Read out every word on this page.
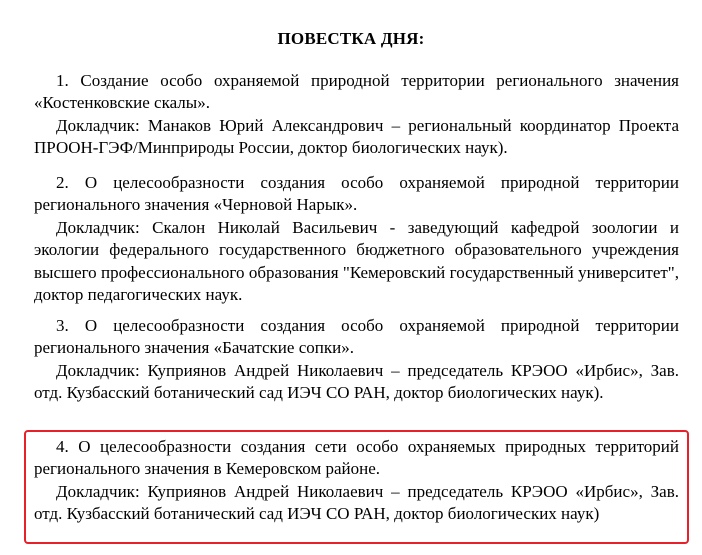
ПОВЕСТКА ДНЯ:

1. Создание особо охраняемой природной территории регионального значения «Костенковские скалы».

Докладчик: Манаков Юрий Александрович – региональный координатор Проекта ПРООН-ГЭФ/Минприроды России, доктор биологических наук).

2. О целесообразности создания особо охраняемой природной территории регионального значения «Черновой Нарык».

Докладчик: Скалон Николай Васильевич - заведующий кафедрой зоологии и экологии федерального государственного бюджетного образовательного учреждения высшего профессионального образования "Кемеровский государственный университет", доктор педагогических наук.

3. О целесообразности создания особо охраняемой природной территории регионального значения «Бачатские сопки».

Докладчик: Куприянов Андрей Николаевич – председатель КРЭОО «Ирбис», Зав. отд. Кузбасский ботанический сад ИЭЧ СО РАН, доктор биологических наук).

4. О целесообразности создания сети особо охраняемых природных территорий регионального значения в Кемеровском районе.

Докладчик: Куприянов Андрей Николаевич – председатель КРЭОО «Ирбис», Зав. отд. Кузбасский ботанический сад ИЭЧ СО РАН, доктор биологических наук)
